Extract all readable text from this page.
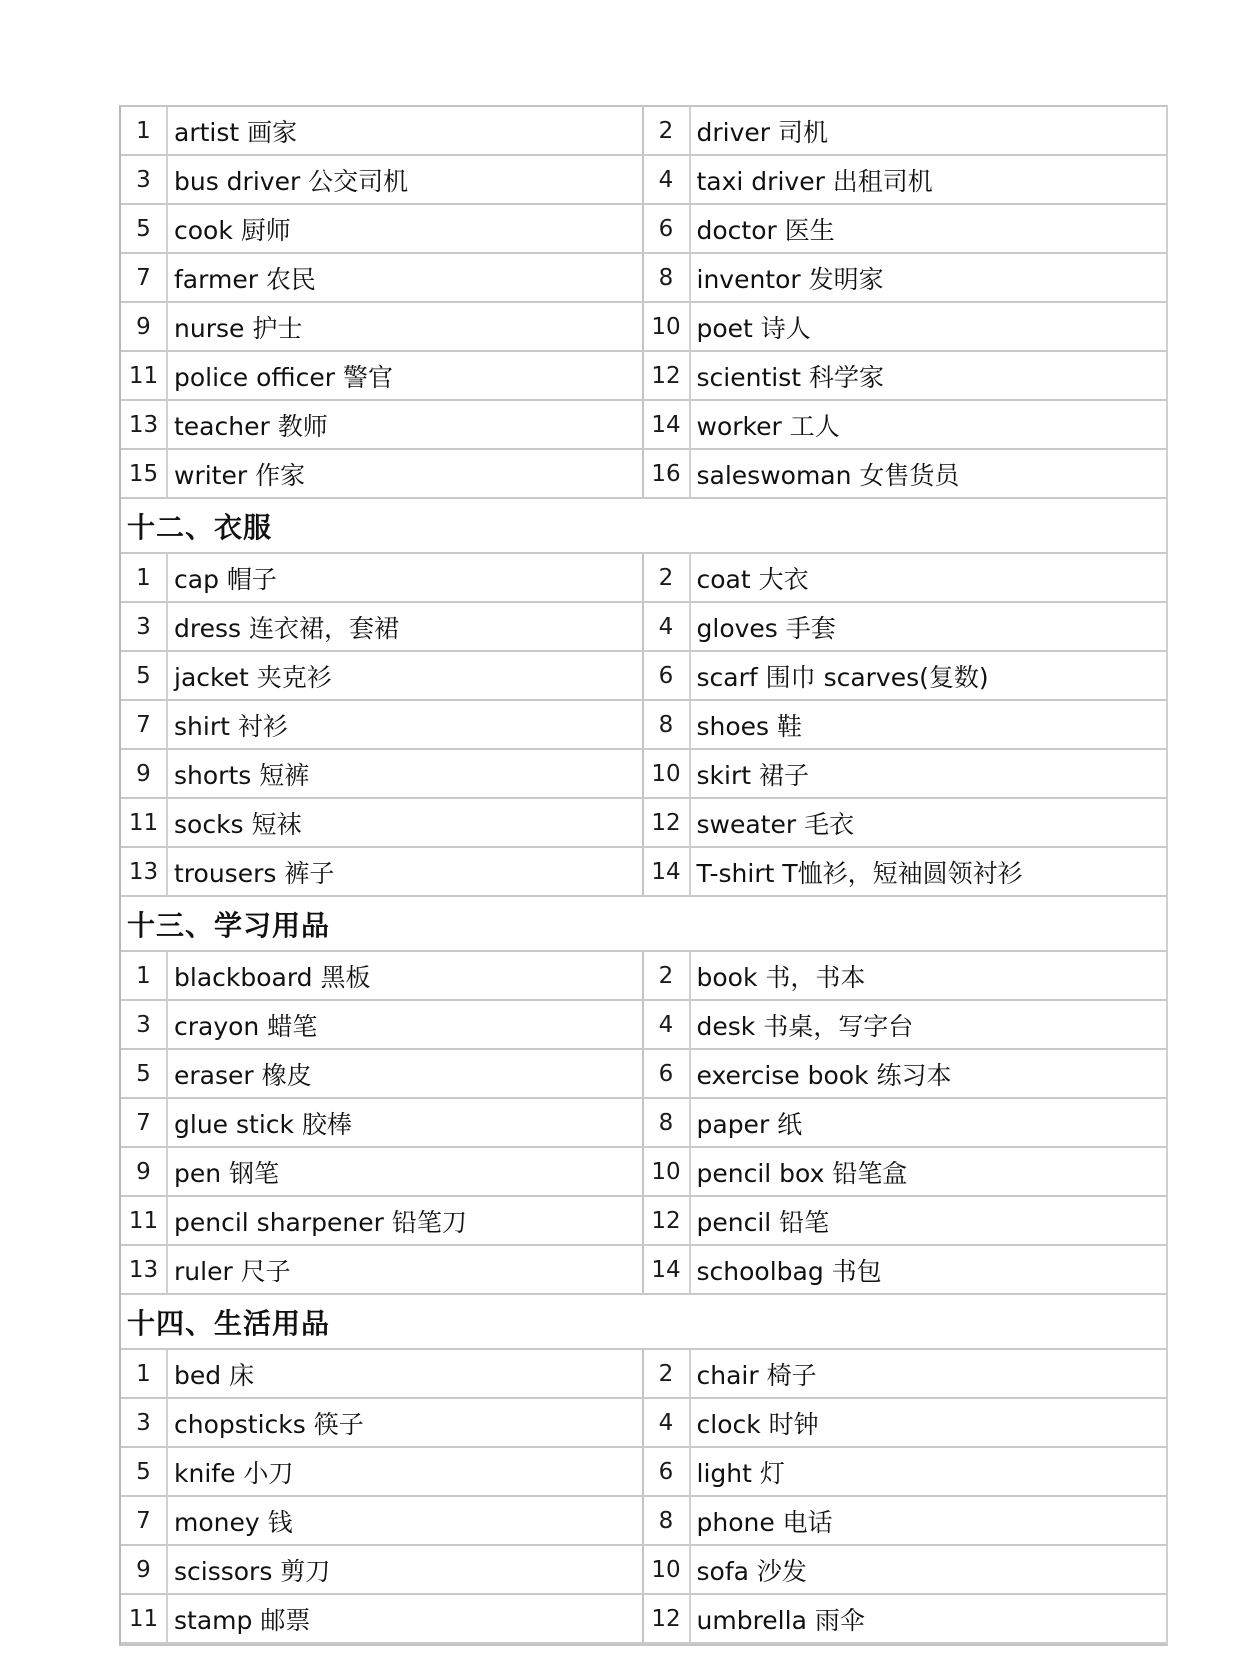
1 artist 画家	2 driver 司机
3 bus driver 公交司机	4 taxi driver 出租司机
5 cook 厨师	6 doctor 医生
7 farmer 农民	8 inventor 发明家
9 nurse 护士	10 poet 诗人
11 police officer 警官	12 scientist 科学家
13 teacher 教师	14 worker 工人
15 writer 作家	16 saleswoman 女售货员
十二、衣服
1 cap 帽子	2 coat 大衣
3 dress 连衣裙，套裙	4 gloves 手套
5 jacket 夹克衫	6 scarf 围巾 scarves(复数)
7 shirt 衬衫	8 shoes 鞋
9 shorts 短裤	10 skirt 裙子
11 socks 短袜	12 sweater 毛衣
13 trousers 裤子	14 T-shirt T恤衫，短袖圆领衬衫
十三、学习用品
1 blackboard 黑板	2 book 书，书本
3 crayon 蜡笔	4 desk 书桌，写字台
5 eraser 橡皮	6 exercise book 练习本
7 glue stick 胶棒	8 paper 纸
9 pen 钢笔	10 pencil box 铅笔盒
11 pencil sharpener 铅笔刀	12 pencil 铅笔
13 ruler 尺子	14 schoolbag 书包
十四、生活用品
1 bed 床	2 chair 椅子
3 chopsticks 筷子	4 clock 时钟
5 knife 小刀	6 light 灯
7 money 钱	8 phone 电话
9 scissors 剪刀	10 sofa 沙发
11 stamp 邮票	12 umbrella 雨伞
